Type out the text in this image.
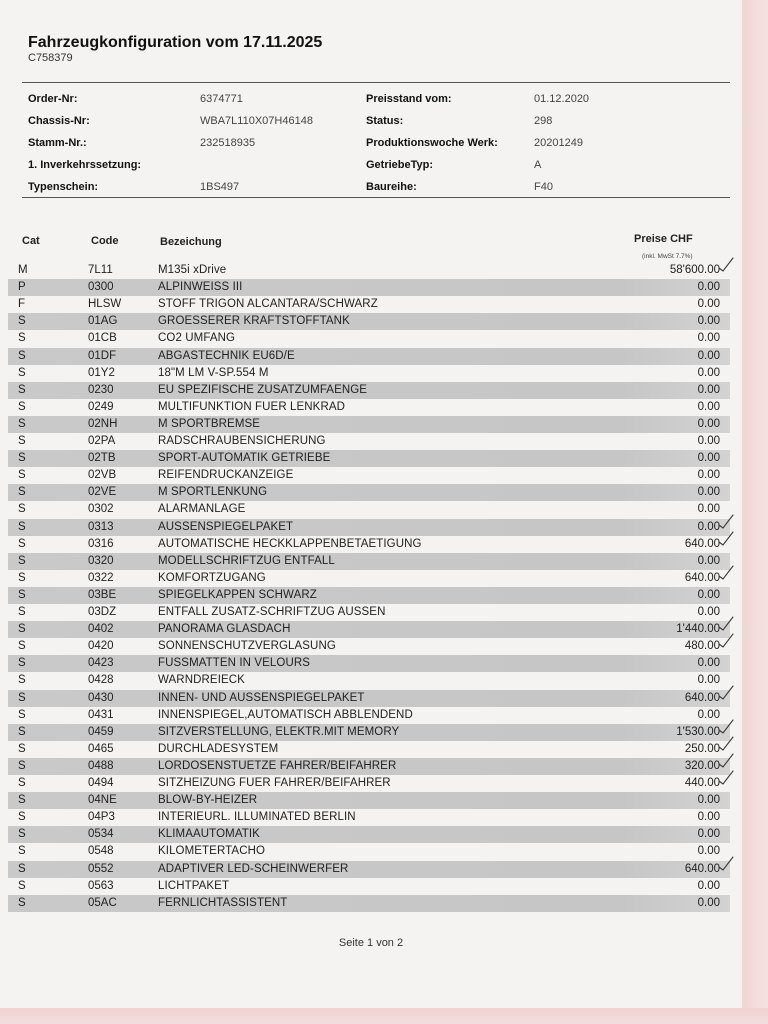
Fahrzeugkonfiguration vom 17.11.2025
C758379
Order-Nr:	6374771
Chassis-Nr:	WBA7L110X07H46148
Stamm-Nr.:	232518935
1. Inverkehrssetzung:
Typenschein:	1BS497
Preisstand vom:	01.12.2020
Status:	298
Produktionswoche Werk:	20201249
GetriebeTyp:	A
Baureihe:	F40
Cat	Code	Bezeichung	Preise CHF
(inkl. MwSt 7.7%)
M	7L11	M135i xDrive	58'600.00
P	0300	ALPINWEISS III	0.00
F	HLSW	STOFF TRIGON ALCANTARA/SCHWARZ	0.00
S	01AG	GROESSERER KRAFTSTOFFTANK	0.00
S	01CB	CO2 UMFANG	0.00
S	01DF	ABGASTECHNIK EU6D/E	0.00
S	01Y2	18"M LM V-SP.554 M	0.00
S	0230	EU SPEZIFISCHE ZUSATZUMFAENGE	0.00
S	0249	MULTIFUNKTION FUER LENKRAD	0.00
S	02NH	M SPORTBREMSE	0.00
S	02PA	RADSCHRAUBENSICHERUNG	0.00
S	02TB	SPORT-AUTOMATIK GETRIEBE	0.00
S	02VB	REIFENDRUCKANZEIGE	0.00
S	02VE	M SPORTLENKUNG	0.00
S	0302	ALARMANLAGE	0.00
S	0313	AUSSENSPIEGELPAKET	0.00
S	0316	AUTOMATISCHE HECKKLAPPENBETAETIGUNG	640.00
S	0320	MODELLSCHRIFTZUG ENTFALL	0.00
S	0322	KOMFORTZUGANG	640.00
S	03BE	SPIEGELKAPPEN SCHWARZ	0.00
S	03DZ	ENTFALL ZUSATZ-SCHRIFTZUG AUSSEN	0.00
S	0402	PANORAMA GLASDACH	1'440.00
S	0420	SONNENSCHUTZVERGLASUNG	480.00
S	0423	FUSSMATTEN IN VELOURS	0.00
S	0428	WARNDREIECK	0.00
S	0430	INNEN- UND AUSSENSPIEGELPAKET	640.00
S	0431	INNENSPIEGEL,AUTOMATISCH ABBLENDEND	0.00
S	0459	SITZVERSTELLUNG, ELEKTR.MIT MEMORY	1'530.00
S	0465	DURCHLADESYSTEM	250.00
S	0488	LORDOSENSTUETZE FAHRER/BEIFAHRER	320.00
S	0494	SITZHEIZUNG FUER FAHRER/BEIFAHRER	440.00
S	04NE	BLOW-BY-HEIZER	0.00
S	04P3	INTERIEURL. ILLUMINATED BERLIN	0.00
S	0534	KLIMAAUTOMATIK	0.00
S	0548	KILOMETERTACHO	0.00
S	0552	ADAPTIVER LED-SCHEINWERFER	640.00
S	0563	LICHTPAKET	0.00
S	05AC	FERNLICHTASSISTENT	0.00
Seite 1 von 2
